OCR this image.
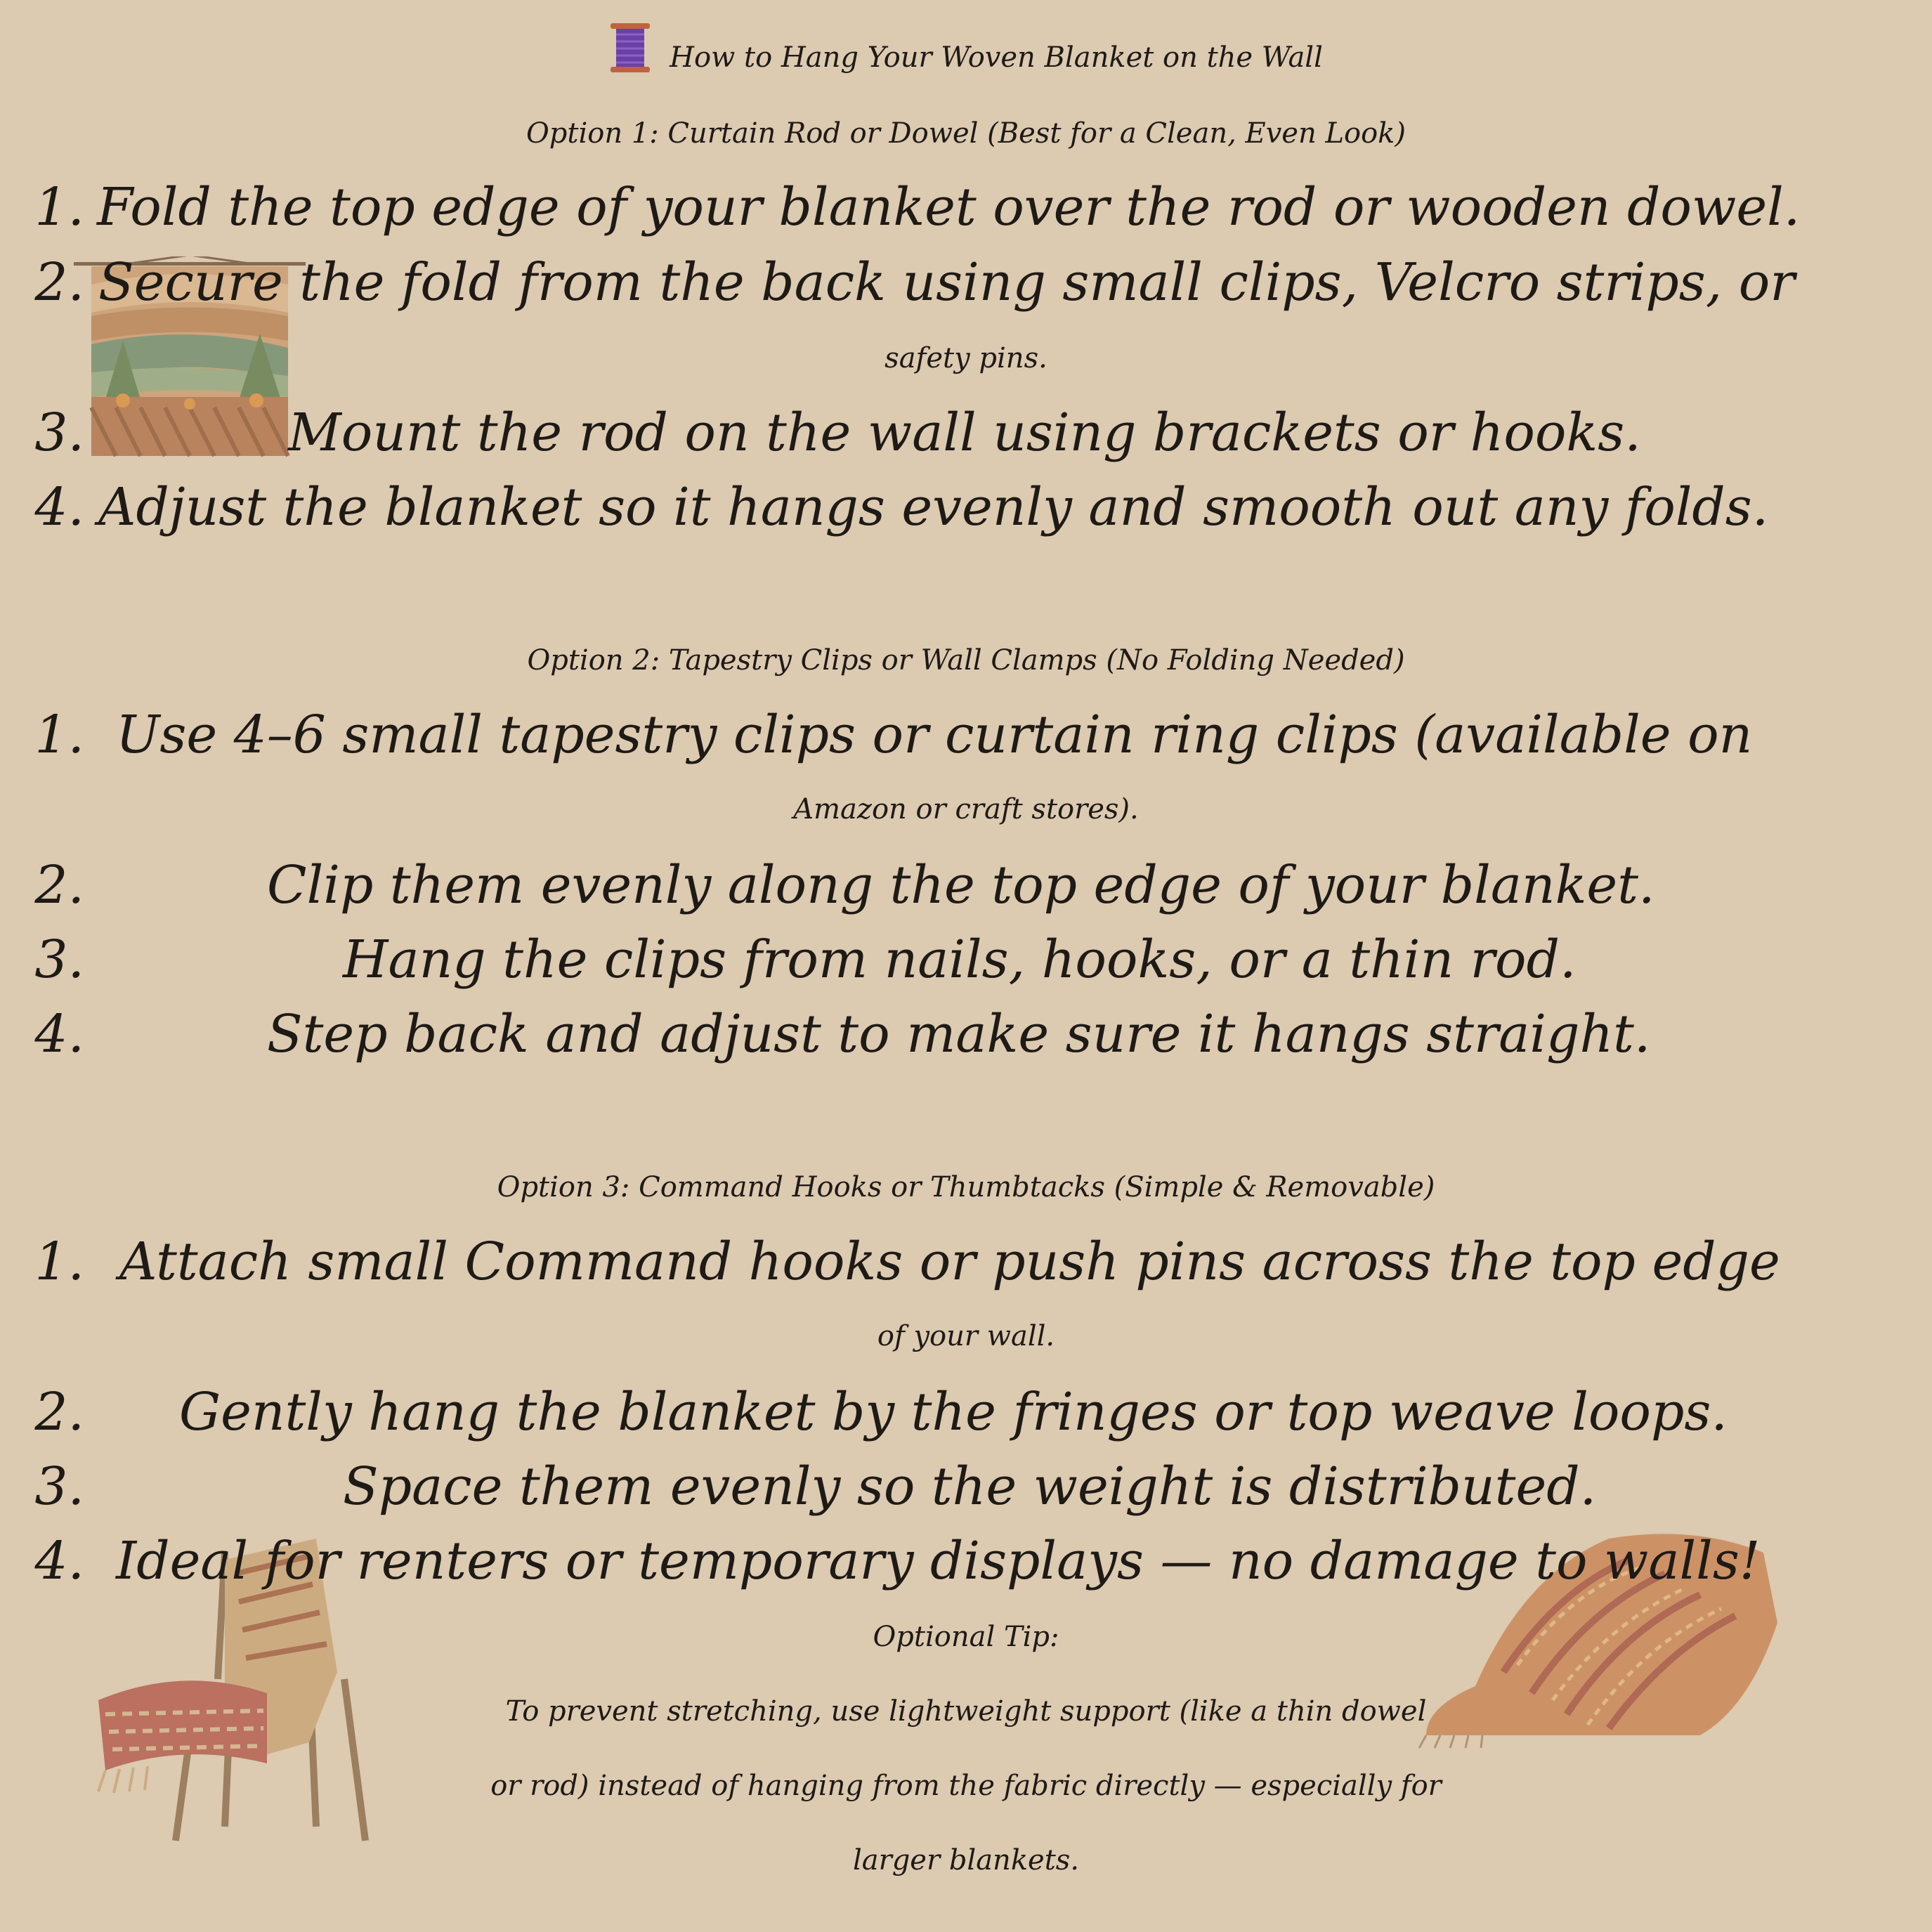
How to Hang Your Woven Blanket on the Wall
Option 1: Curtain Rod or Dowel (Best for a Clean, Even Look)
1. Fold the top edge of your blanket over the rod or wooden dowel.
2. Secure the fold from the back using small clips, Velcro strips, or
safety pins.
3.	Mount the rod on the wall using brackets or hooks.
4. Adjust the blanket so it hangs evenly and smooth out any folds.
Option 2: Tapestry Clips or Wall Clamps (No Folding Needed)
1. Use 4–6 small tapestry clips or curtain ring clips (available on
Amazon or craft stores).
2.	Clip them evenly along the top edge of your blanket.
3.	Hang the clips from nails, hooks, or a thin rod.
4.	Step back and adjust to make sure it hangs straight.
Option 3: Command Hooks or Thumbtacks (Simple & Removable)
1. Attach small Command hooks or push pins across the top edge
of your wall.
2. Gently hang the blanket by the fringes or top weave loops.
3.	Space them evenly so the weight is distributed.
4. Ideal for renters or temporary displays — no damage to walls!
Optional Tip:
To prevent stretching, use lightweight support (like a thin dowel
or rod) instead of hanging from the fabric directly — especially for
larger blankets.
